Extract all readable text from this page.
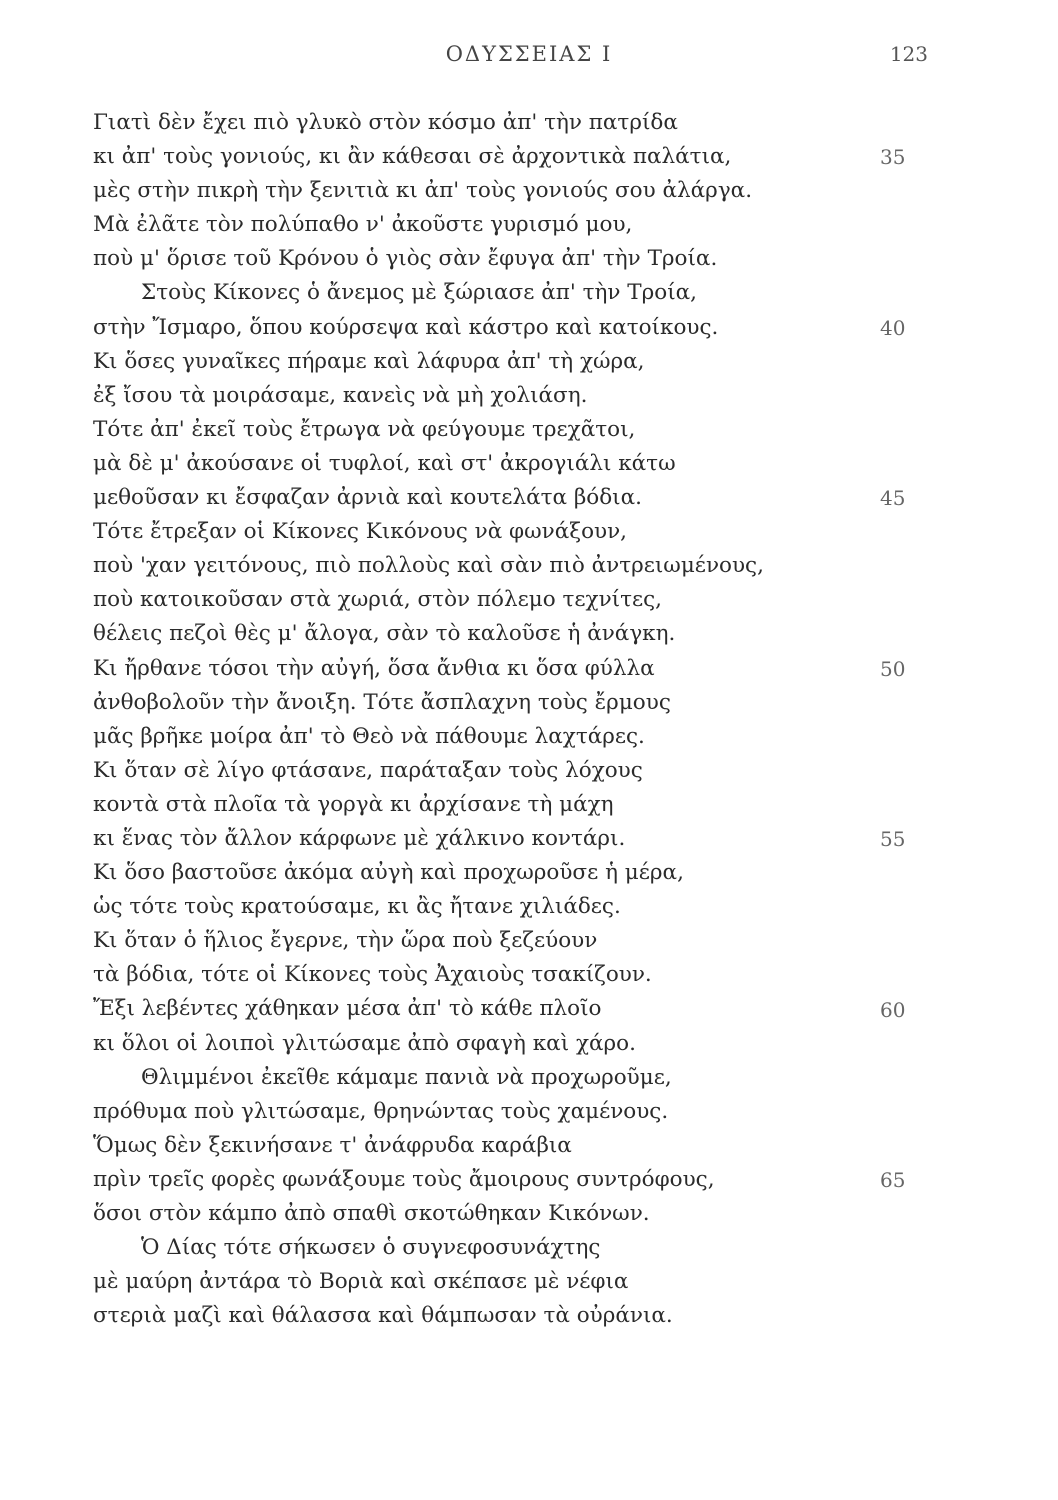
ΟΔΥΣΣΕΙΑΣ Ι	123
Γιατὶ δὲν ἔχει πιὸ γλυκὸ στὸν κόσμο ἀπ' τὴν πατρίδα
κι ἀπ' τοὺς γονιούς, κι ἂν κάθεσαι σὲ ἀρχοντικὰ παλάτια,
μὲς στὴν πικρὴ τὴν ξενιτιὰ κι ἀπ' τοὺς γονιούς σου ἀλάργα.
Μὰ ἐλᾶτε τὸν πολύπαθο ν' ἀκοῦστε γυρισμό μου,
ποὺ μ' ὅρισε τοῦ Κρόνου ὁ γιὸς σὰν ἔφυγα ἀπ' τὴν Τροία.
Στοὺς Κίκονες ὁ ἄνεμος μὲ ξώριασε ἀπ' τὴν Τροία,
στὴν Ἴσμαρο, ὅπου κούρσεψα καὶ κάστρο καὶ κατοίκους.
Κι ὅσες γυναῖκες πήραμε καὶ λάφυρα ἀπ' τὴ χώρα,
ἐξ ἴσου τὰ μοιράσαμε, κανεὶς νὰ μὴ χολιάση.
Τότε ἀπ' ἐκεῖ τοὺς ἔτρωγα νὰ φεύγουμε τρεχᾶτοι,
μὰ δὲ μ' ἀκούσανε οἱ τυφλοί, καὶ στ' ἀκρογιάλι κάτω
μεθοῦσαν κι ἔσφαζαν ἀρνιὰ καὶ κουτελάτα βόδια.
Τότε ἔτρεξαν οἱ Κίκονες Κικόνους νὰ φωνάξουν,
ποὺ 'χαν γειτόνους, πιὸ πολλοὺς καὶ σὰν πιὸ ἀντρειωμένους,
ποὺ κατοικοῦσαν στὰ χωριά, στὸν πόλεμο τεχνίτες,
θέλεις πεζοὶ θὲς μ' ἄλογα, σὰν τὸ καλοῦσε ἡ ἀνάγκη.
Κι ἤρθανε τόσοι τὴν αὐγή, ὅσα ἄνθια κι ὅσα φύλλα
ἀνθοβολοῦν τὴν ἄνοιξη. Τότε ἄσπλαχνη τοὺς ἔρμους
μᾶς βρῆκε μοίρα ἀπ' τὸ Θεὸ νὰ πάθουμε λαχτάρες.
Κι ὅταν σὲ λίγο φτάσανε, παράταξαν τοὺς λόχους
κοντὰ στὰ πλοῖα τὰ γοργὰ κι ἀρχίσανε τὴ μάχη
κι ἕνας τὸν ἄλλον κάρφωνε μὲ χάλκινο κοντάρι.
Κι ὅσο βαστοῦσε ἀκόμα αὐγὴ καὶ προχωροῦσε ἡ μέρα,
ὡς τότε τοὺς κρατούσαμε, κι ἂς ἤτανε χιλιάδες.
Κι ὅταν ὁ ἥλιος ἔγερνε, τὴν ὥρα ποὺ ξεζεύουν
τὰ βόδια, τότε οἱ Κίκονες τοὺς Ἀχαιοὺς τσακίζουν.
Ἔξι λεβέντες χάθηκαν μέσα ἀπ' τὸ κάθε πλοῖο
κι ὅλοι οἱ λοιποὶ γλιτώσαμε ἀπὸ σφαγὴ καὶ χάρο.
Θλιμμένοι ἐκεῖθε κάμαμε πανιὰ νὰ προχωροῦμε,
πρόθυμα ποὺ γλιτώσαμε, θρηνώντας τοὺς χαμένους.
Ὅμως δὲν ξεκινήσανε τ' ἀνάφρυδα καράβια
πρὶν τρεῖς φορὲς φωνάξουμε τοὺς ἄμοιρους συντρόφους,
ὅσοι στὸν κάμπο ἀπὸ σπαθὶ σκοτώθηκαν Κικόνων.
Ὁ Δίας τότε σήκωσεν ὁ συγνεφοσυνάχτης
μὲ μαύρη ἀντάρα τὸ Βοριὰ καὶ σκέπασε μὲ νέφια
στεριὰ μαζὶ καὶ θάλασσα καὶ θάμπωσαν τὰ οὐράνια.
35
40
45
50
55
60
65
